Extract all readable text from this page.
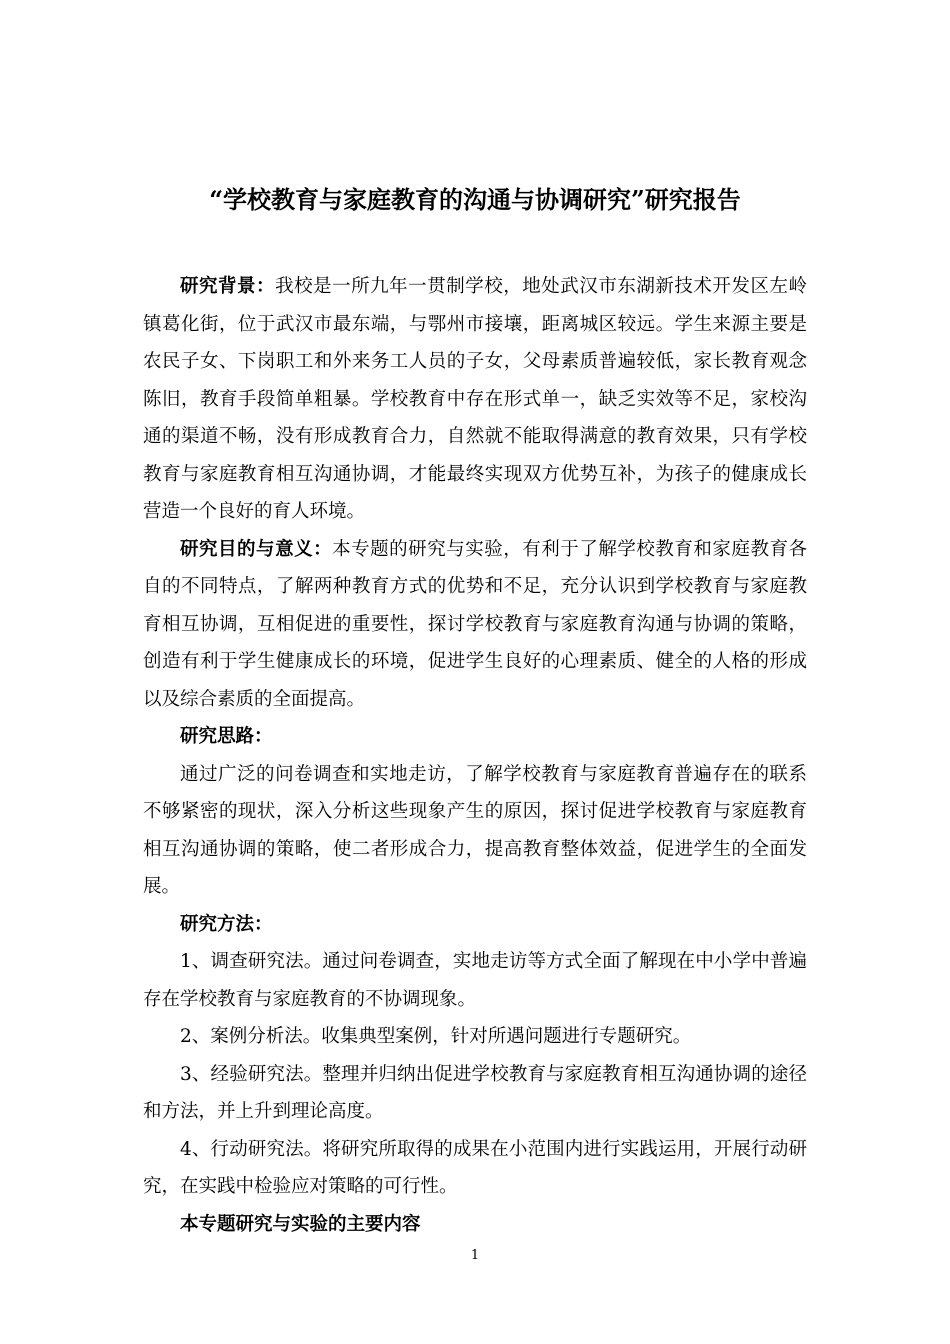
“学校教育与家庭教育的沟通与协调研究”研究报告

研究背景：我校是一所九年一贯制学校，地处武汉市东湖新技术开发区左岭镇葛化街，位于武汉市最东端，与鄂州市接壤，距离城区较远。学生来源主要是农民子女、下岗职工和外来务工人员的子女，父母素质普遍较低，家长教育观念陈旧，教育手段简单粗暴。学校教育中存在形式单一，缺乏实效等不足，家校沟通的渠道不畅，没有形成教育合力，自然就不能取得满意的教育效果，只有学校教育与家庭教育相互沟通协调，才能最终实现双方优势互补，为孩子的健康成长营造一个良好的育人环境。

研究目的与意义：本专题的研究与实验，有利于了解学校教育和家庭教育各自的不同特点，了解两种教育方式的优势和不足，充分认识到学校教育与家庭教育相互协调，互相促进的重要性，探讨学校教育与家庭教育沟通与协调的策略，创造有利于学生健康成长的环境，促进学生良好的心理素质、健全的人格的形成以及综合素质的全面提高。

研究思路：

通过广泛的问卷调查和实地走访，了解学校教育与家庭教育普遍存在的联系不够紧密的现状，深入分析这些现象产生的原因，探讨促进学校教育与家庭教育相互沟通协调的策略，使二者形成合力，提高教育整体效益，促进学生的全面发展。

研究方法：

1、调查研究法。通过问卷调查，实地走访等方式全面了解现在中小学中普遍存在学校教育与家庭教育的不协调现象。

2、案例分析法。收集典型案例，针对所遇问题进行专题研究。

3、经验研究法。整理并归纳出促进学校教育与家庭教育相互沟通协调的途径和方法，并上升到理论高度。

4、行动研究法。将研究所取得的成果在小范围内进行实践运用，开展行动研究，在实践中检验应对策略的可行性。

本专题研究与实验的主要内容

1
